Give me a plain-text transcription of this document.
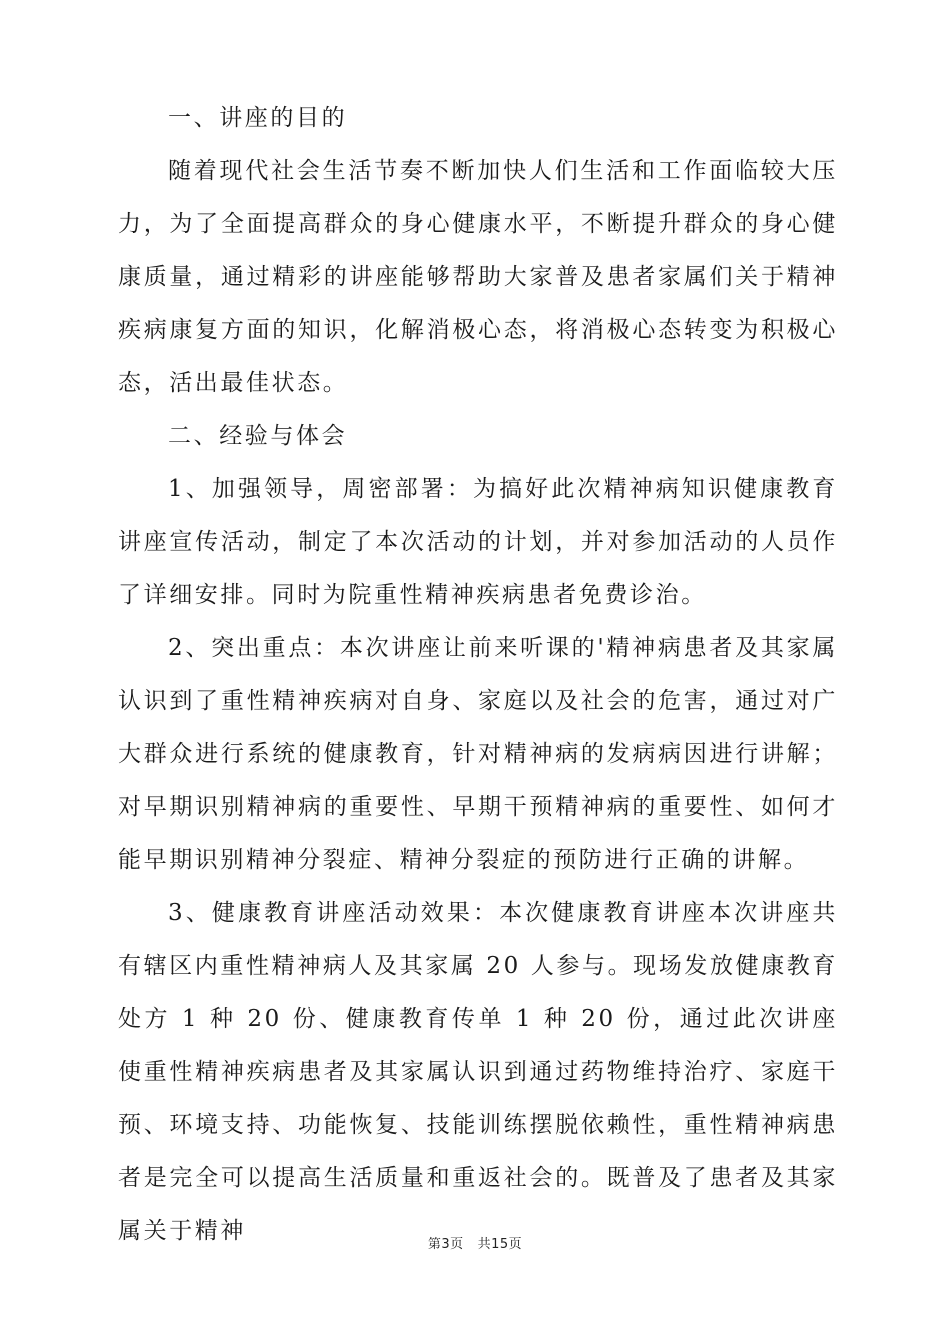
一、讲座的目的

随着现代社会生活节奏不断加快人们生活和工作面临较大压力，为了全面提高群众的身心健康水平，不断提升群众的身心健康质量，通过精彩的讲座能够帮助大家普及患者家属们关于精神疾病康复方面的知识，化解消极心态，将消极心态转变为积极心态，活出最佳状态。

二、经验与体会

1、加强领导，周密部署：为搞好此次精神病知识健康教育讲座宣传活动，制定了本次活动的计划，并对参加活动的人员作了详细安排。同时为院重性精神疾病患者免费诊治。

2、突出重点：本次讲座让前来听课的'精神病患者及其家属认识到了重性精神疾病对自身、家庭以及社会的危害，通过对广大群众进行系统的健康教育，针对精神病的发病病因进行讲解；对早期识别精神病的重要性、早期干预精神病的重要性、如何才能早期识别精神分裂症、精神分裂症的预防进行正确的讲解。

3、健康教育讲座活动效果：本次健康教育讲座本次讲座共有辖区内重性精神病人及其家属 20 人参与。现场发放健康教育处方 1 种 20 份、健康教育传单 1 种 20 份，通过此次讲座使重性精神疾病患者及其家属认识到通过药物维持治疗、家庭干预、环境支持、功能恢复、技能训练摆脱依赖性，重性精神病患者是完全可以提高生活质量和重返社会的。既普及了患者及其家属关于精神

第3页 共15页
